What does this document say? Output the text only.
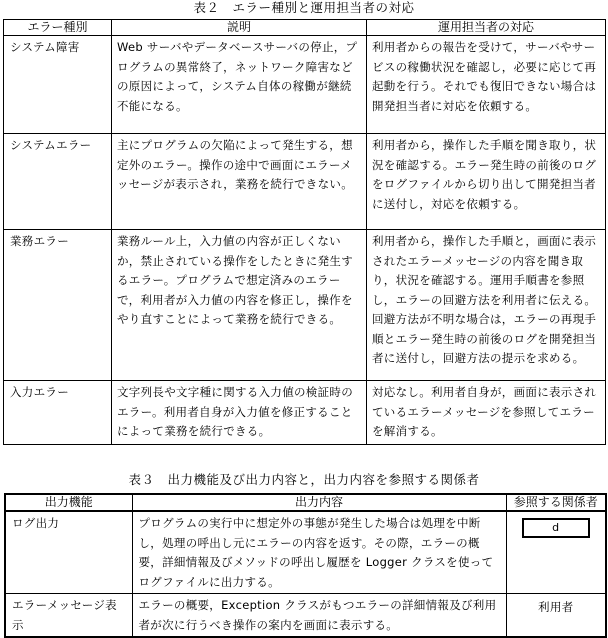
表２　エラー種別と運用担当者の対応
エラー種別	説明	運用担当者の対応
システム障害	Web サーバやデータベースサーバの停止，プログラムの異常終了，ネットワーク障害などの原因によって，システム自体の稼働が継続不能になる。	利用者からの報告を受けて，サーバやサービスの稼働状況を確認し，必要に応じて再起動を行う。それでも復旧できない場合は開発担当者に対応を依頼する。
システムエラー	主にプログラムの欠陥によって発生する，想定外のエラー。操作の途中で画面にエラーメッセージが表示され，業務を続行できない。	利用者から，操作した手順を聞き取り，状況を確認する。エラー発生時の前後のログをログファイルから切り出して開発担当者に送付し，対応を依頼する。
業務エラー	業務ルール上，入力値の内容が正しくないか，禁止されている操作をしたときに発生するエラー。プログラムで想定済みのエラーで，利用者が入力値の内容を修正し，操作をやり直すことによって業務を続行できる。	利用者から，操作した手順と，画面に表示されたエラーメッセージの内容を聞き取り，状況を確認する。運用手順書を参照し，エラーの回避方法を利用者に伝える。回避方法が不明な場合は，エラーの再現手順とエラー発生時の前後のログを開発担当者に送付し，回避方法の提示を求める。
入力エラー	文字列長や文字種に関する入力値の検証時のエラー。利用者自身が入力値を修正することによって業務を続行できる。	対応なし。利用者自身が，画面に表示されているエラーメッセージを参照してエラーを解消する。
表３　出力機能及び出力内容と，出力内容を参照する関係者
出力機能	出力内容	参照する関係者
ログ出力	プログラムの実行中に想定外の事態が発生した場合は処理を中断し，処理の呼出し元にエラーの内容を返す。その際，エラーの概要，詳細情報及びメソッドの呼出し履歴を Logger クラスを使ってログファイルに出力する。	d
エラーメッセージ表示	エラーの概要，Exception クラスがもつエラーの詳細情報及び利用者が次に行うべき操作の案内を画面に表示する。	利用者
